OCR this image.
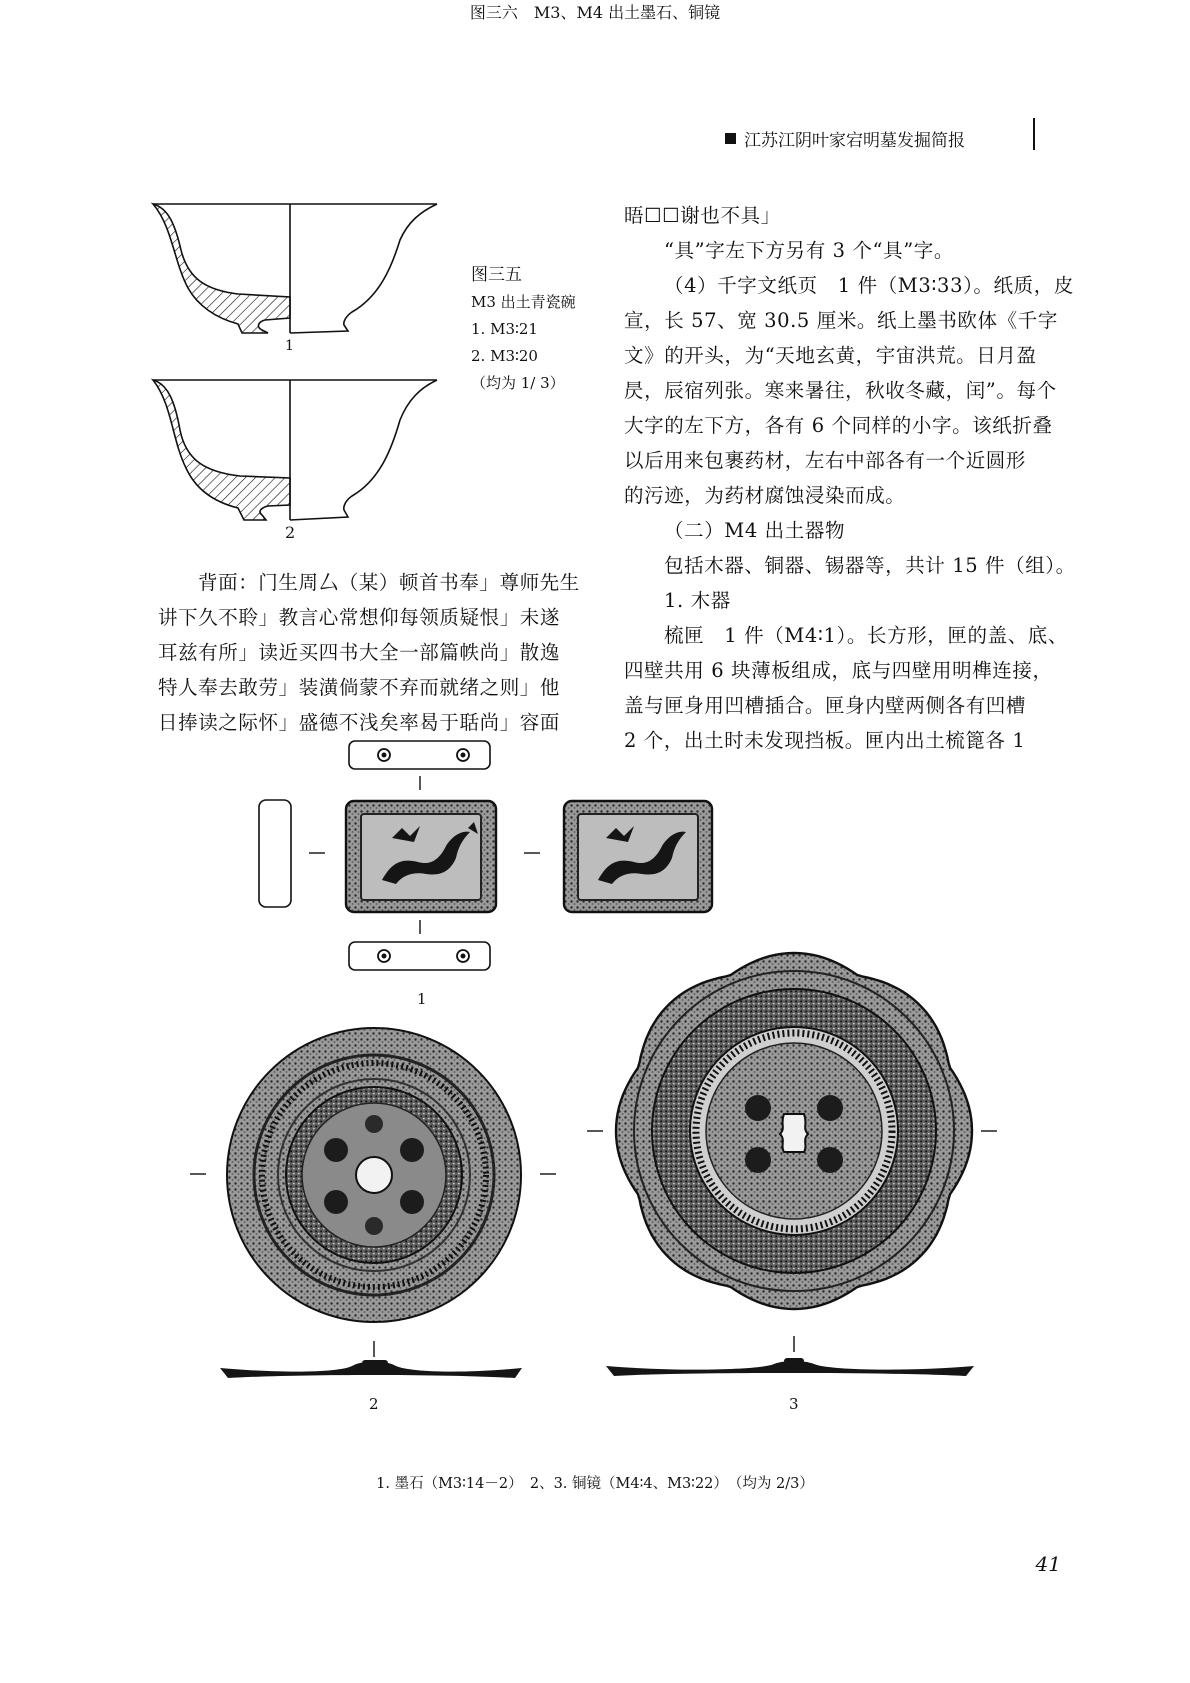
江苏江阴叶家宕明墓发掘简报
1
2
图三五
M3 出土青瓷碗
1. M3∶21
2. M3∶20
（均为 1/ 3）

晤☐☐谢也不具」

“具”字左下方另有 3 个“具”字。

（4）千字文纸页　1 件（M3∶33）。纸质，皮

宣，长 57、宽 30.5 厘米。纸上墨书欧体《千字

文》的开头，为“天地玄黄，宇宙洪荒。日月盈

昃，辰宿列张。寒来暑往，秋收冬藏，闰”。每个

大字的左下方，各有 6 个同样的小字。该纸折叠

以后用来包裹药材，左右中部各有一个近圆形

的污迹，为药材腐蚀浸染而成。

（二）M4 出土器物

包括木器、铜器、锡器等，共计 15 件（组）。

1. 木器

梳匣　1 件（M4∶1）。长方形，匣的盖、底、

四壁共用 6 块薄板组成，底与四壁用明榫连接，

盖与匣身用凹槽插合。匣身内壁两侧各有凹槽

2 个，出土时未发现挡板。匣内出土梳篦各 1

背面：门生周厶（某）顿首书奉」尊师先生

讲下久不聆」教言心常想仰每领质疑恨」未遂

耳兹有所」读近买四书大全一部篇帙尚」散逸

特人奉去敢劳」装潢倘蒙不弃而就绪之则」他

日捧读之际怀」盛德不浅矣率曷于聒尚」容面

1
2	3
图三六　M3、M4 出土墨石、铜镜
1. 墨石（M3∶14－2）　2、3. 铜镜（M4∶4、M3∶22）　（均为 2/3）
41
